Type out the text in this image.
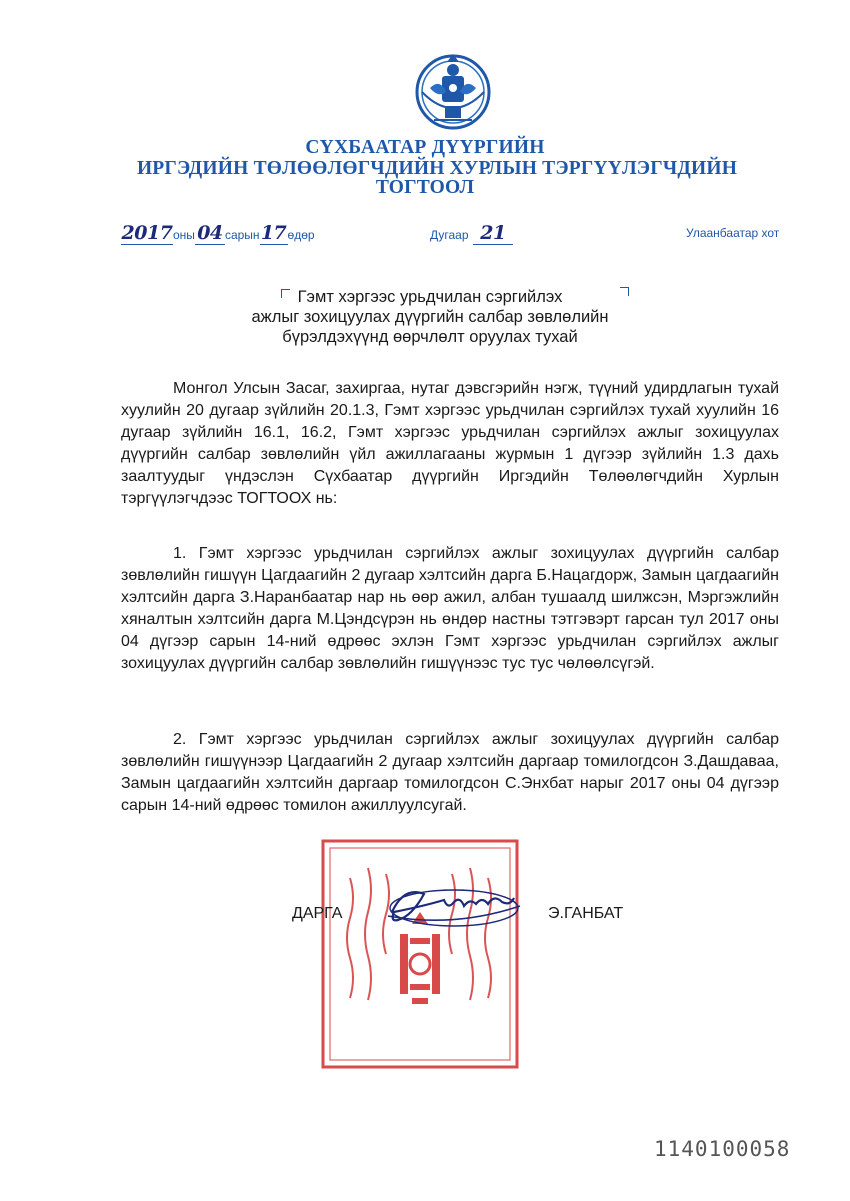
СҮХБААТАР ДҮҮРГИЙН
ИРГЭДИЙН ТӨЛӨӨЛӨГЧДИЙН ХУРЛЫН ТЭРГҮҮЛЭГЧДИЙН
ТОГТООЛ
2017оны 04 сарын17өдөр	Дугаар 21	Улаанбаатар хот
Гэмт хэргээс урьдчилан сэргийлэх
ажлыг зохицуулах дүүргийн салбар зөвлөлийн
бүрэлдэхүүнд өөрчлөлт оруулах тухай
Монгол Улсын Засаг, захиргаа, нутаг дэвсгэрийн нэгж, түүний удирдлагын тухай хуулийн 20 дугаар зүйлийн 20.1.3, Гэмт хэргээс урьдчилан сэргийлэх тухай хуулийн 16 дугаар зүйлийн 16.1, 16.2, Гэмт хэргээс урьдчилан сэргийлэх ажлыг зохицуулах дүүргийн салбар зөвлөлийн үйл ажиллагааны журмын 1 дүгээр зүйлийн 1.3 дахь заалтуудыг үндэслэн Сүхбаатар дүүргийн Иргэдийн Төлөөлөгчдийн Хурлын тэргүүлэгчдээс ТОГТООХ нь:
1. Гэмт хэргээс урьдчилан сэргийлэх ажлыг зохицуулах дүүргийн салбар зөвлөлийн гишүүн Цагдаагийн 2 дугаар хэлтсийн дарга Б.Нацагдорж, Замын цагдаагийн хэлтсийн дарга З.Наранбаатар нар нь өөр ажил, албан тушаалд шилжсэн, Мэргэжлийн хяналтын хэлтсийн дарга М.Цэндсүрэн нь өндөр настны тэтгэвэрт гарсан тул 2017 оны 04 дүгээр сарын 14-ний өдрөөс эхлэн Гэмт хэргээс урьдчилан сэргийлэх ажлыг зохицуулах дүүргийн салбар зөвлөлийн гишүүнээс тус тус чөлөөлсүгэй.
2. Гэмт хэргээс урьдчилан сэргийлэх ажлыг зохицуулах дүүргийн салбар зөвлөлийн гишүүнээр Цагдаагийн 2 дугаар хэлтсийн даргаар томилогдсон З.Дашдаваа, Замын цагдаагийн хэлтсийн даргаар томилогдсон С.Энхбат нарыг 2017 оны 04 дүгээр сарын 14-ний өдрөөс томилон ажиллуулсугай.
ДАРГА	Э.ГАНБАТ
1140100058
